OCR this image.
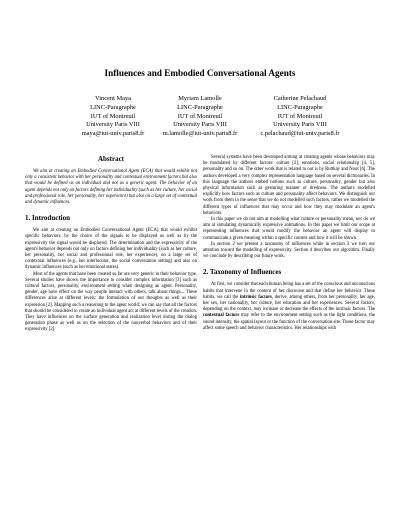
Influences and Embodied Conversational Agents
Vincent Maya
LINC-Paragraphe
IUT of Montreuil
University Paris VIII
maya@iut-univ.paris8.fr
Myriam Lamolle
LINC-Paragraphe
IUT of Montreuil
University Paris VIII
m.lamolle@iut-univ.paris8.fr
Catherine Pelachaud
LINC-Paragraphe
IUT of Montreuil
University Paris VIII
c.pelachaud@iut-univ.paris8.fr
Abstract

We aim at creating an Embodied Conversational Agent (ECA) that would exhibit not only a consistent behavior with her personality and contextual environment factors but also that would be defined as an individual and not as a generic agent. The behavior of an agent depends not only on factors defining her individuality (such as her culture, her social and professional role, her personality, her experience) but also on a large set of contextual and dynamic influences.

1. Introduction

We aim at creating an Embodied Conversational Agent (ECA) that would exhibit specific behaviors, by the choice of the signals to be displayed as well as by the expressivity the signal would be displayed. The determination and the expressivity of the agent's behavior depends not only on factors defining her individuality (such as her culture, her personality, her social and professional role, her experience), on a large set of contextual influences (e.g., her interlocutor, the social conversation setting) and also on dynamic influences (such as her emotional states).

Most of the agents that have been created so far are very generic in their behavior type. Several studies have shown the importance to consider complex information [3] such as cultural factors, personality, environment setting when designing an agent. Personality, gender, age have effect on the way people interact with others, talk about things... These differences arise at different levels: the formulation of our thoughts as well as their expression [2]. Mapping such a reasoning to the agent world; we can say that all the factors that should be considered to create an individual agent act at different levels of the creation. They have influences on the surface generation and realization level during the dialog generation phase as well as on the selection of the nonverbal behaviors and of their expressivity [2].

Several systems have been developed aiming at creating agents whose behaviors may be modulated by different factors: culture [2], emotions, social relationship [4, 5], personality and so on. The other work that is related to our is by Ruttkay and Noot [6]. The authors developed a very complex representation language based on several dictionaries. In this language the authors embed notions such as culture, personality, gender but also physical information such as gesturing manner or tiredness. The authors modelled explicitly how factors such as culture and personality affect behaviors. We distinguish our work from them in the sense that we do not modelled such factors, rather we modelled the different types of influences that may occur and how they may modulate an agent's behaviors.

In this paper we do not aim at modelling what culture or personality mean, nor do we aim at simulating dynamically expressive animations. In this paper we limit our scope at representing influences that would modify the behavior an agent will display to communicate a given meaning within a specific context and how it will be shown.

In section 2 we present a taxonomy of influences while in section 3 we turn our attention toward the modelling of expressivity. Section 4 describes our algorithm. Finally we conclude by describing our future work.

2. Taxonomy of Influences

At first, we consider that each human being has a set of the conscious and unconscious habits that intervene in the content of her discourse and that define her behavior. These habits, we call the intrinsic factors, derive, among others, from her personality, her age, her sex, her nationality, her culture, her education and her experiences. Several factors, depending on the context, may increase or decrease the effects of the intrinsic factors. The contextual factors may refer to the environment setting such as the light conditions, the sound intensity, the spatial layout or the function of the conversation site. These factor may affect some speech and behavior characteristics. Her relationships with
